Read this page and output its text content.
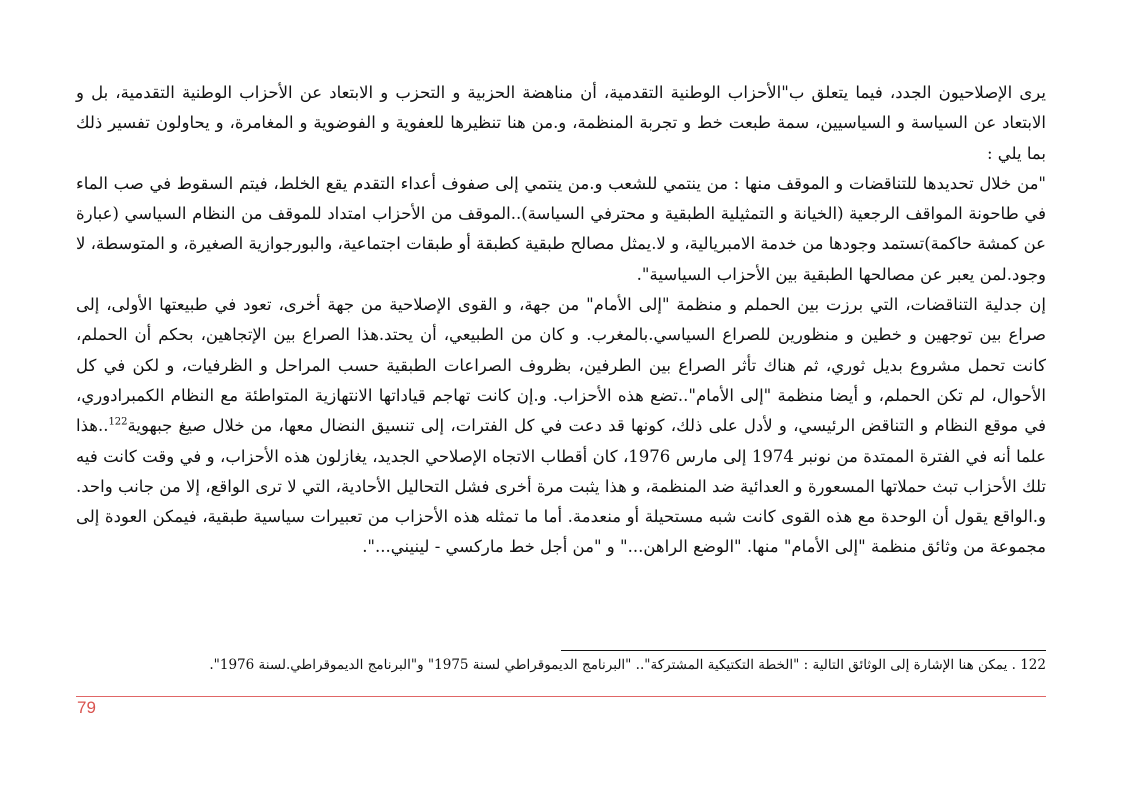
يرى الإصلاحيون الجدد، فيما يتعلق ب"الأحزاب الوطنية التقدمية، أن مناهضة الحزبية و التحزب و الابتعاد عن الأحزاب الوطنية التقدمية، بل و الابتعاد عن السياسة و السياسيين، سمة طبعت خط و تجربة المنظمة، و.من هنا تنظيرها للعفوية و الفوضوية و المغامرة، و يحاولون تفسير ذلك بما يلي :

"من خلال تحديدها للتناقضات و الموقف منها : من ينتمي للشعب و.من ينتمي إلى صفوف أعداء التقدم يقع الخلط، فيتم السقوط في صب الماء في طاحونة المواقف الرجعية (الخيانة و التمثيلية الطبقية و محترفي السياسة)..الموقف من الأحزاب امتداد للموقف من النظام السياسي (عبارة عن كمشة حاكمة)تستمد وجودها من خدمة الامبريالية، و لا.يمثل مصالح طبقية كطبقة أو طبقات اجتماعية، والبورجوازية الصغيرة، و المتوسطة، لا وجود.لمن يعبر عن مصالحها الطبقية بين الأحزاب السياسية".

إن جدلية التناقضات، التي برزت بين الحملم و منظمة "إلى الأمام" من جهة، و القوى الإصلاحية من جهة أخرى، تعود في طبيعتها الأولى، إلى صراع بين توجهين و خطين و منظورين للصراع السياسي.بالمغرب. و كان من الطبيعي، أن يحتد.هذا الصراع بين الإتجاهين، بحكم أن الحملم، كانت تحمل مشروع بديل ثوري، ثم هناك تأثر الصراع بين الطرفين، بظروف الصراعات الطبقية حسب المراحل و الظرفيات، و لكن في كل الأحوال، لم تكن الحملم، و أيضا منظمة "إلى الأمام"..تضع هذه الأحزاب. و.إن كانت تهاجم قياداتها الانتهازية المتواطئة مع النظام الكمبرادوري، في موقع النظام و التناقض الرئيسي، و لأدل على ذلك، كونها قد دعت في كل الفترات، إلى تنسيق النضال معها، من خلال صيغ جبهوية$^{122}$..هذا علما أنه في الفترة الممتدة من نونبر 1974 إلى مارس 1976، كان أقطاب الاتجاه الإصلاحي الجديد، يغازلون هذه الأحزاب، و في وقت كانت فيه تلك الأحزاب تبث حملاتها المسعورة و العدائية ضد المنظمة، و هذا يثبت مرة أخرى فشل التحاليل الأحادية، التي لا ترى الواقع، إلا من جانب واحد. و.الواقع يقول أن الوحدة مع هذه القوى كانت شبه مستحيلة أو منعدمة. أما ما تمثله هذه الأحزاب من تعبيرات سياسية طبقية، فيمكن العودة إلى مجموعة من وثائق منظمة "إلى الأمام" منها. "الوضع الراهن..." و "من أجل خط ماركسي - لينيني...".

122 . يمكن هنا الإشارة إلى الوثائق التالية : "الخطة التكتيكية المشتركة".. "البرنامج الديموقراطي لسنة 1975" و"البرنامج الديموقراطي.لسنة 1976".
79
